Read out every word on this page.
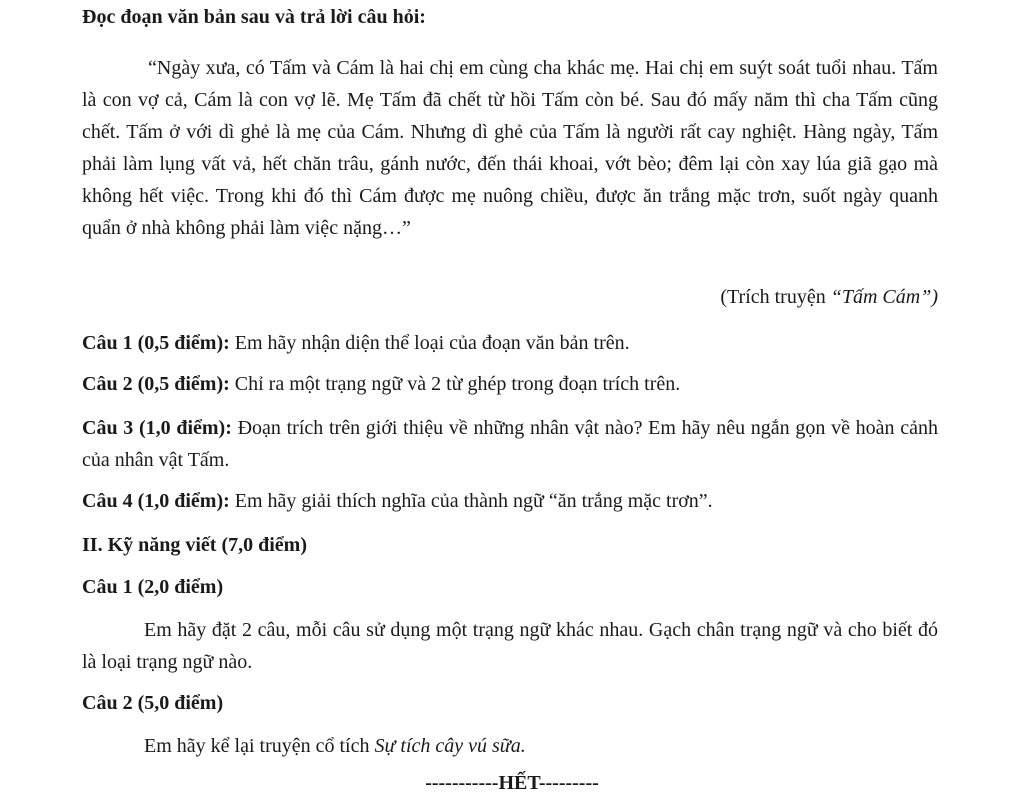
Đọc đoạn văn bản sau và trả lời câu hỏi:
“Ngày xưa, có Tấm và Cám là hai chị em cùng cha khác mẹ. Hai chị em suýt soát tuổi nhau. Tấm là con vợ cả, Cám là con vợ lẽ. Mẹ Tấm đã chết từ hồi Tấm còn bé. Sau đó mấy năm thì cha Tấm cũng chết. Tấm ở với dì ghẻ là mẹ của Cám. Nhưng dì ghẻ của Tấm là người rất cay nghiệt. Hàng ngày, Tấm phải làm lụng vất vả, hết chăn trâu, gánh nước, đến thái khoai, vớt bèo; đêm lại còn xay lúa giã gạo mà không hết việc. Trong khi đó thì Cám được mẹ nuông chiều, được ăn trắng mặc trơn, suốt ngày quanh quẩn ở nhà không phải làm việc nặng…”
(Trích truyện “Tấm Cám”)
Câu 1 (0,5 điểm): Em hãy nhận diện thể loại của đoạn văn bản trên.
Câu 2 (0,5 điểm): Chỉ ra một trạng ngữ và 2 từ ghép trong đoạn trích trên.
Câu 3 (1,0 điểm): Đoạn trích trên giới thiệu về những nhân vật nào? Em hãy nêu ngắn gọn về hoàn cảnh của nhân vật Tấm.
Câu 4 (1,0 điểm): Em hãy giải thích nghĩa của thành ngữ “ăn trắng mặc trơn”.
II. Kỹ năng viết (7,0 điểm)
Câu 1 (2,0 điểm)
Em hãy đặt 2 câu, mỗi câu sử dụng một trạng ngữ khác nhau. Gạch chân trạng ngữ và cho biết đó là loại trạng ngữ nào.
Câu 2 (5,0 điểm)
Em hãy kể lại truyện cổ tích Sự tích cây vú sữa.
-----------HẾT---------
